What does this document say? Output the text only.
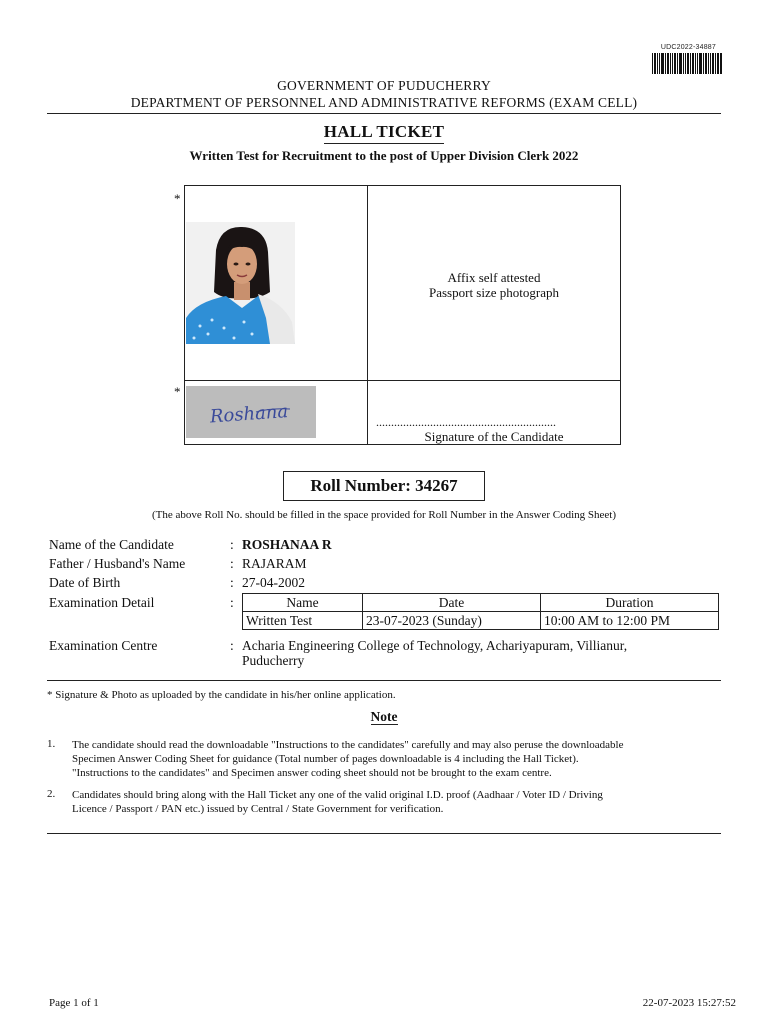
UDC2022-34887
GOVERNMENT OF PUDUCHERRY
DEPARTMENT OF PERSONNEL AND ADMINISTRATIVE REFORMS (EXAM CELL)
HALL TICKET
Written Test for Recruitment to the post of Upper Division Clerk 2022
*
*
Roshana
Affix self attested
Passport size photograph
............................................................
Signature of the Candidate
Roll Number: 34267
(The above Roll No. should be filled in the space provided for Roll Number in the Answer Coding Sheet)
Name of the Candidate	: ROSHANAA R
Father / Husband's Name	: RAJARAM
Date of Birth	: 27-04-2002
Examination Detail	:	Name	Date	Duration
Written Test	23-07-2023 (Sunday)	10:00 AM to 12:00 PM
Examination Centre	: Acharia Engineering College of Technology, Achariyapuram, Villianur,
Puducherry
* Signature & Photo as uploaded by the candidate in his/her online application.
Note
1. The candidate should read the downloadable "Instructions to the candidates" carefully and may also peruse the downloadable
Specimen Answer Coding Sheet for guidance (Total number of pages downloadable is 4 including the Hall Ticket).
"Instructions to the candidates" and Specimen answer coding sheet should not be brought to the exam centre.
2. Candidates should bring along with the Hall Ticket any one of the valid original I.D. proof (Aadhaar / Voter ID / Driving
Licence / Passport / PAN etc.) issued by Central / State Government for verification.
Page 1 of 1	22-07-2023 15:27:52
